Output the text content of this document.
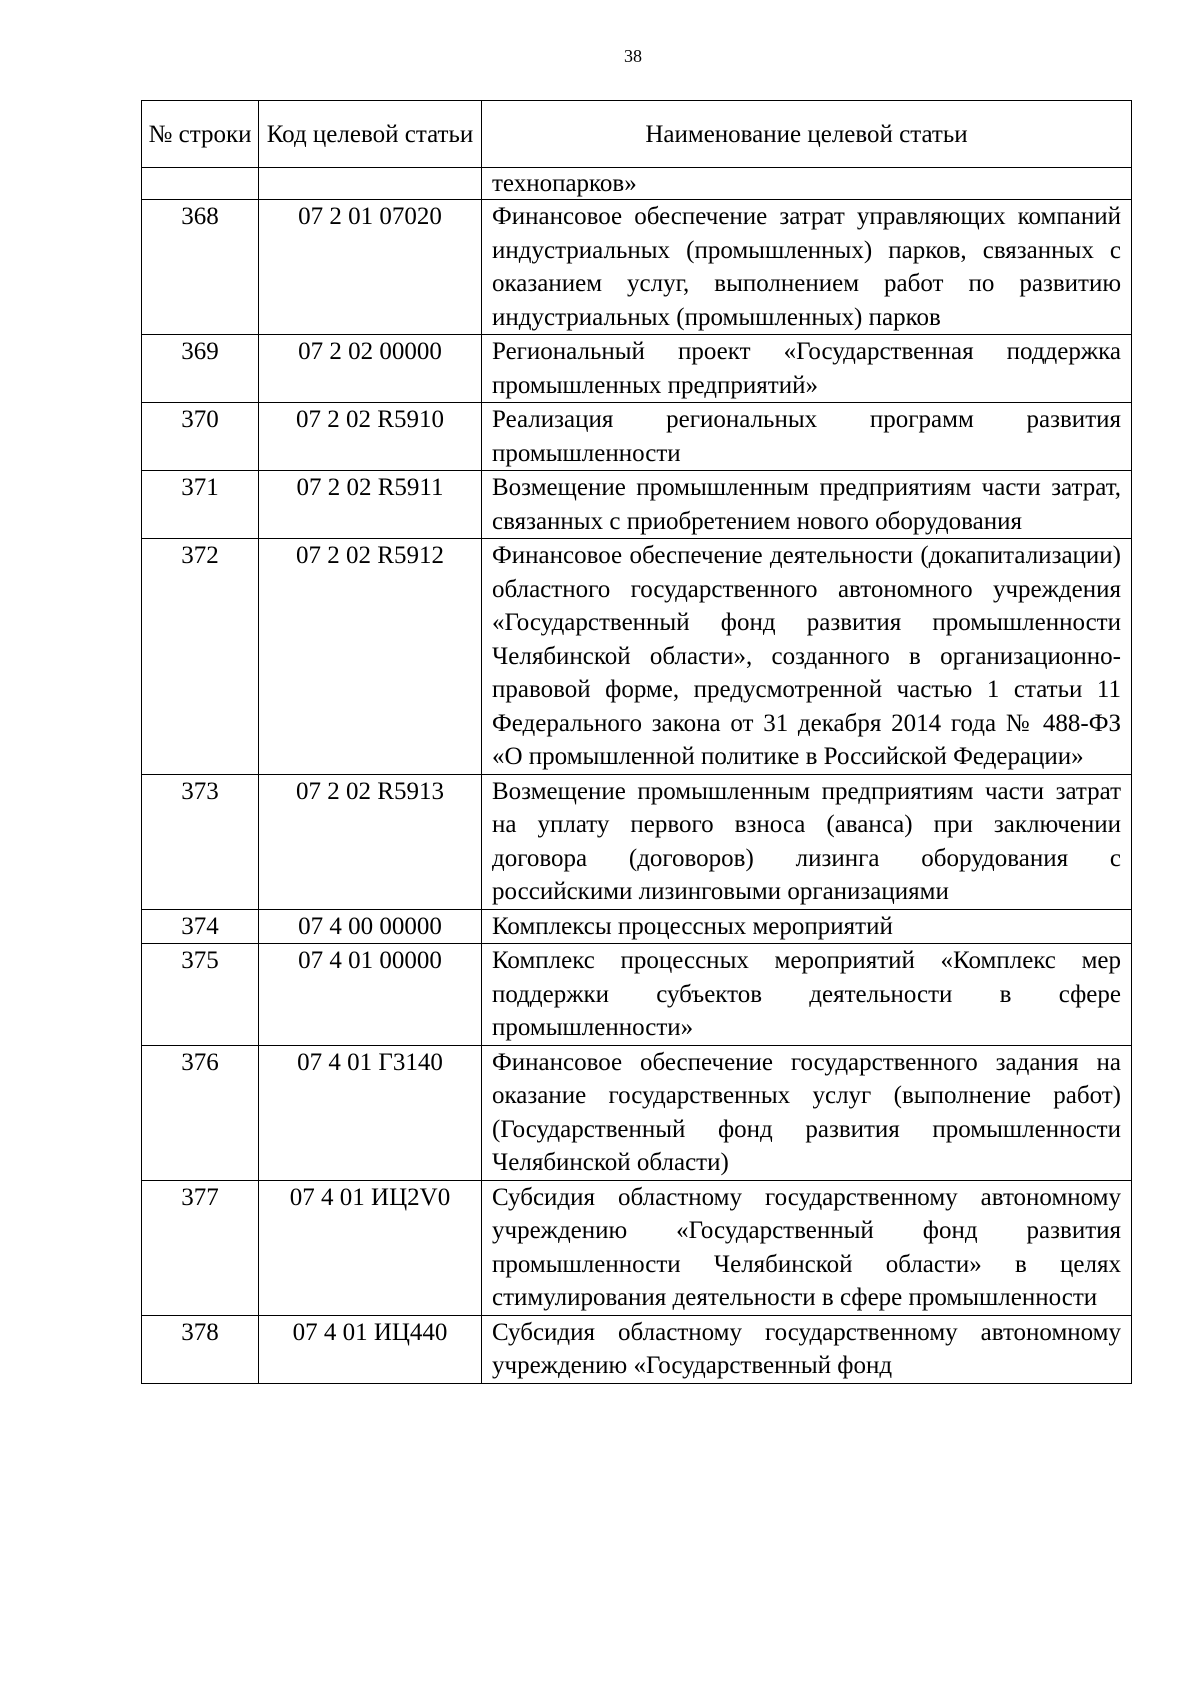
38
№ строки	Код целевой статьи	Наименование целевой статьи
		технопарков»
368	07 2 01 07020	Финансовое обеспечение затрат управляющих компаний индустриальных (промышленных) парков, связанных с оказанием услуг, выполнением работ по развитию индустриальных (промышленных) парков
369	07 2 02 00000	Региональный проект «Государственная поддержка промышленных предприятий»
370	07 2 02 R5910	Реализация региональных программ развития промышленности
371	07 2 02 R5911	Возмещение промышленным предприятиям части затрат, связанных с приобретением нового оборудования
372	07 2 02 R5912	Финансовое обеспечение деятельности (докапитализации) областного государственного автономного учреждения «Государственный фонд развития промышленности Челябинской области», созданного в организационно-правовой форме, предусмотренной частью 1 статьи 11 Федерального закона от 31 декабря 2014 года № 488-ФЗ «О промышленной политике в Российской Федерации»
373	07 2 02 R5913	Возмещение промышленным предприятиям части затрат на уплату первого взноса (аванса) при заключении договора (договоров) лизинга оборудования с российскими лизинговыми организациями
374	07 4 00 00000	Комплексы процессных мероприятий
375	07 4 01 00000	Комплекс процессных мероприятий «Комплекс мер поддержки субъектов деятельности в сфере промышленности»
376	07 4 01 Г3140	Финансовое обеспечение государственного задания на оказание государственных услуг (выполнение работ) (Государственный фонд развития промышленности Челябинской области)
377	07 4 01 ИЦ2V0	Субсидия областному государственному автономному учреждению «Государственный фонд развития промышленности Челябинской области» в целях стимулирования деятельности в сфере промышленности
378	07 4 01 ИЦ440	Субсидия областному государственному автономному учреждению «Государственный фонд
